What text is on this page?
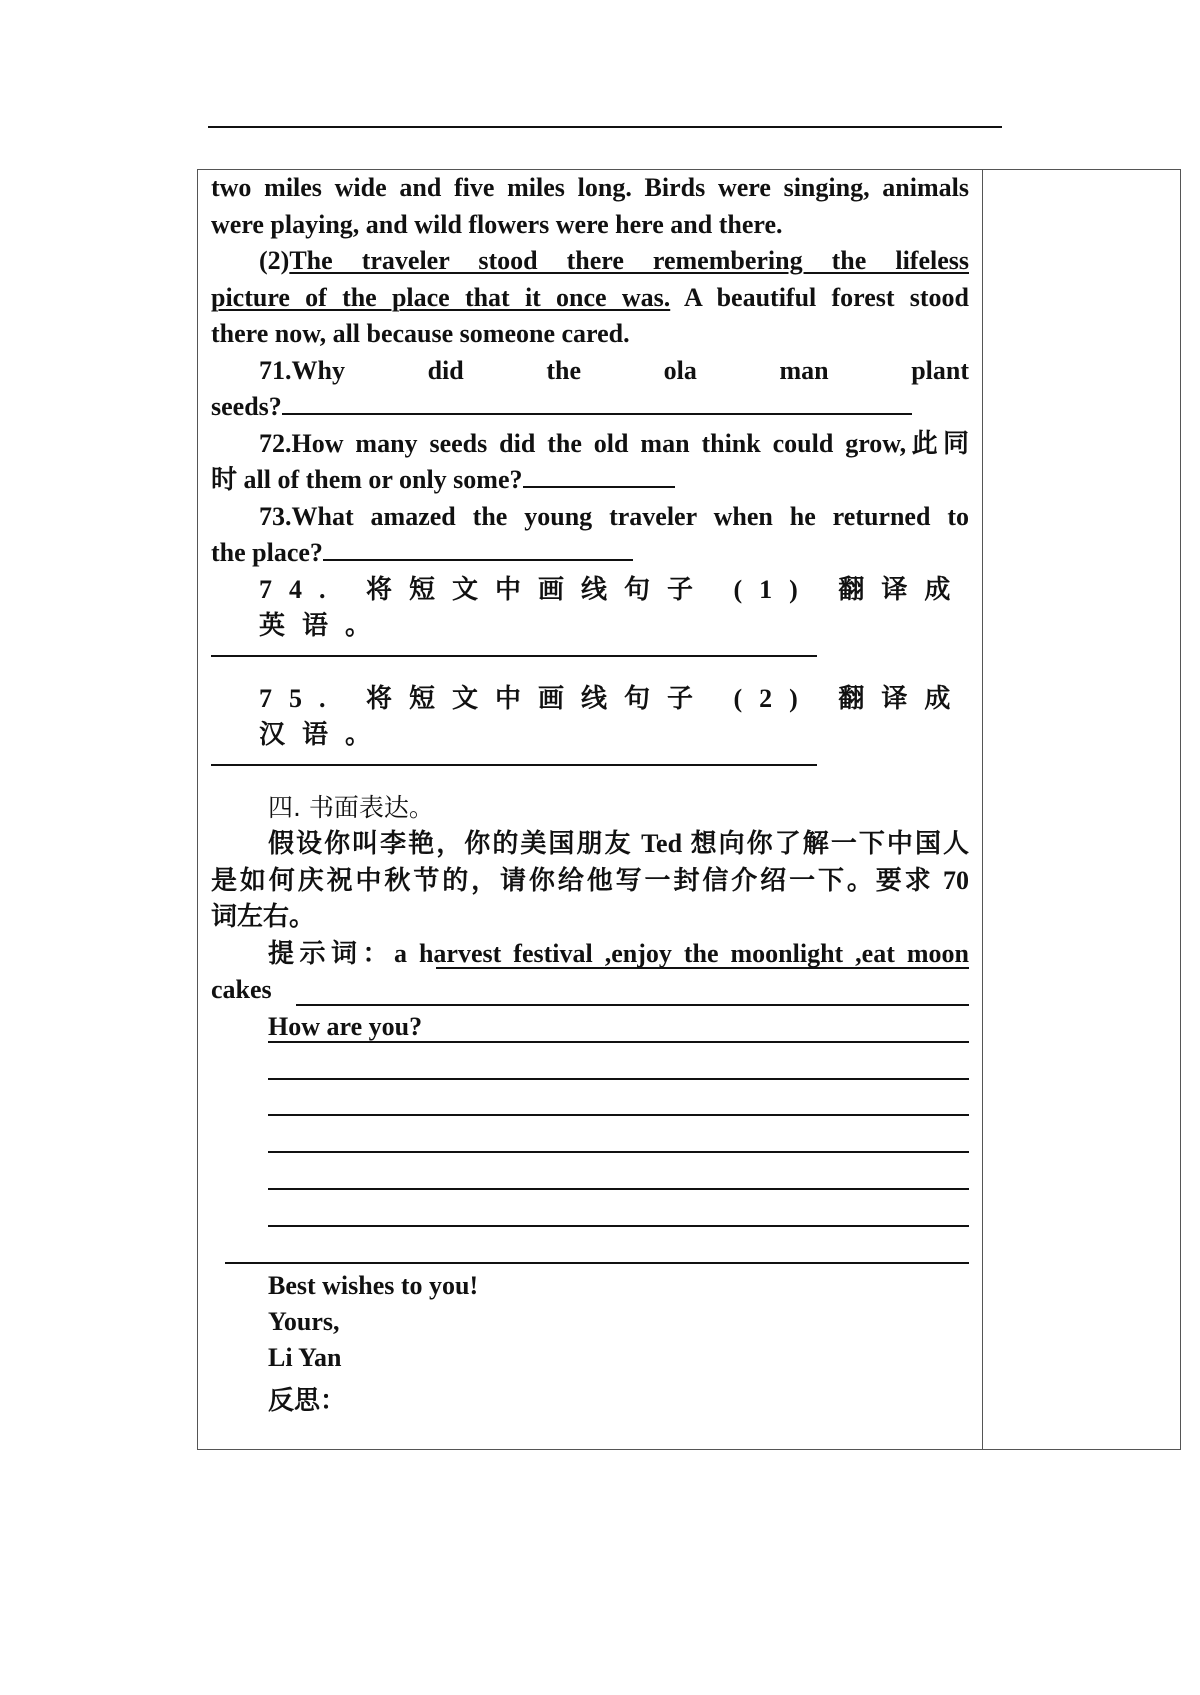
two miles wide and five miles long. Birds were singing, animals

were playing, and wild flowers were here and there.

(2)The traveler stood there remembering the lifeless

picture of the place that it once was. A beautiful forest stood

there now, all because someone cared.

71.Why did the ola man plant

seeds?

72.How many seeds did the old man think could grow,此同

时 all of them or only some?

73.What amazed the young traveler when he returned to

the place?

74. 将短文中画线句子 (1) 翻译成英语。

75. 将短文中画线句子 (2) 翻译成汉语。

四. 书面表达。

假设你叫李艳，你的美国朋友 Ted 想向你了解一下中国人

是如何庆祝中秋节的，请你给他写一封信介绍一下。要求 70

词左右。

提示词：a harvest festival ,enjoy the moonlight ,eat moon

cakes

How are you?

Best wishes to you!
Yours,
Li Yan
反思：
